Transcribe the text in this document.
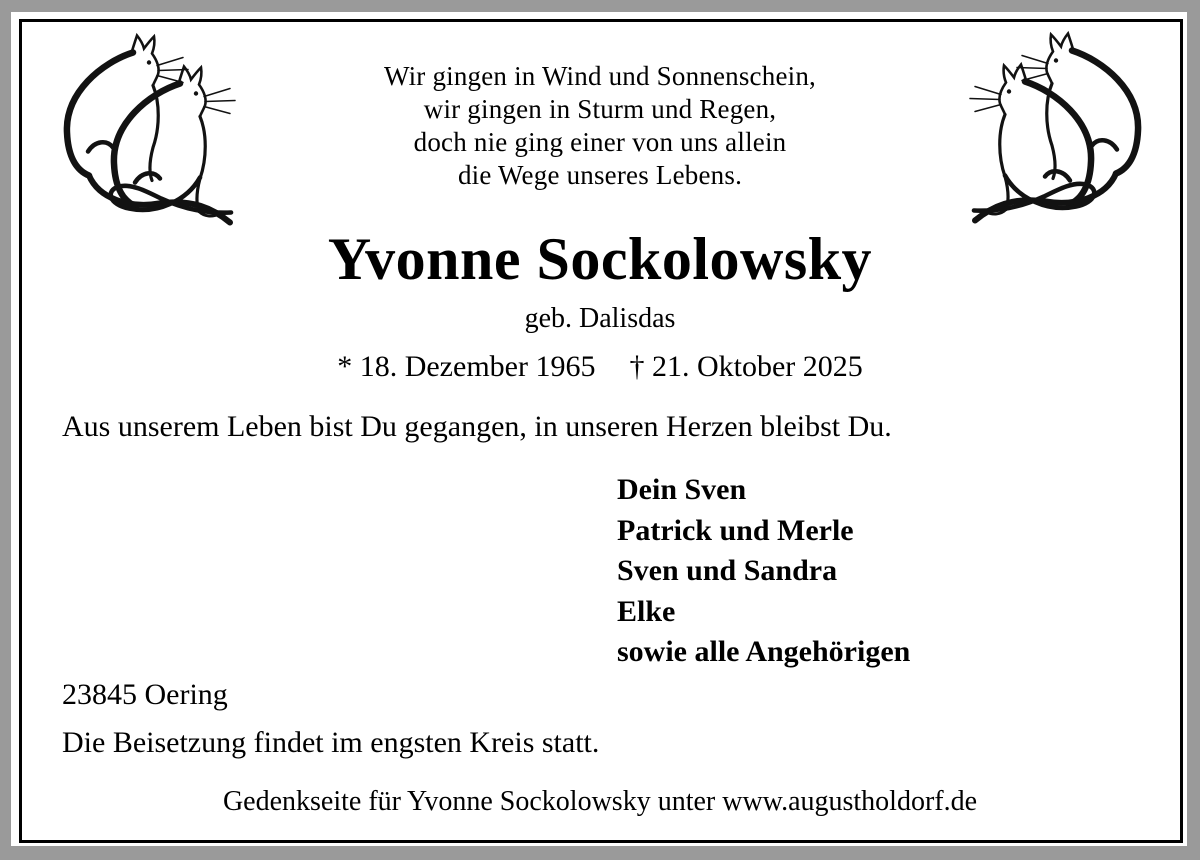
Wir gingen in Wind und Sonnenschein,
wir gingen in Sturm und Regen,
doch nie ging einer von uns allein
die Wege unseres Lebens.
Yvonne Sockolowsky
geb. Dalisdas
* 18. Dezember 1965 † 21. Oktober 2025
Aus unserem Leben bist Du gegangen, in unseren Herzen bleibst Du.
Dein Sven
Patrick und Merle
Sven und Sandra
Elke
sowie alle Angehörigen
23845 Oering
Die Beisetzung findet im engsten Kreis statt.
Gedenkseite für Yvonne Sockolowsky unter www.augustholdorf.de
